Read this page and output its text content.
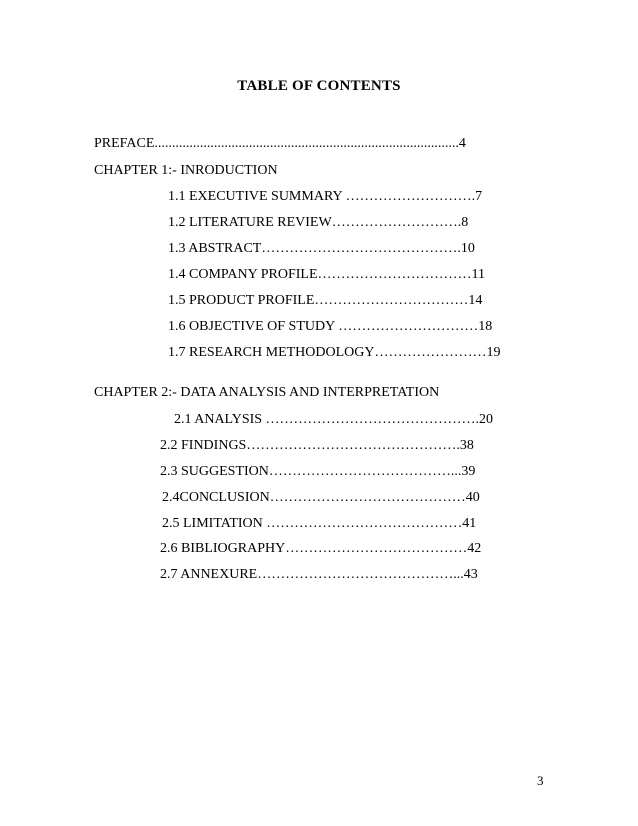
TABLE OF CONTENTS
PREFACE.......................................................................................4
CHAPTER 1:- INRODUCTION
1.1 EXECUTIVE SUMMARY ……………………….7
1.2 LITERATURE REVIEW……………………….8
1.3 ABSTRACT…………………………………….10
1.4 COMPANY PROFILE……………………………11
1.5 PRODUCT PROFILE……………………………14
1.6 OBJECTIVE OF STUDY …………………………18
1.7 RESEARCH METHODOLOGY……………………19
CHAPTER 2:- DATA ANALYSIS AND INTERPRETATION
2.1 ANALYSIS ……………………………………….20
2.2 FINDINGS……………………………………….38
2.3 SUGGESTION…………………………………...39
2.4CONCLUSION……………………………………40
2.5 LIMITATION ……………………………………41
2.6 BIBLIOGRAPHY…………………………………42
2.7 ANNEXURE……………………………………...43
3
